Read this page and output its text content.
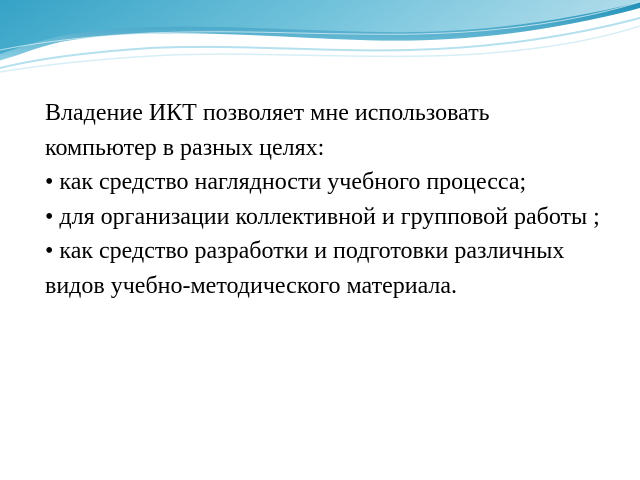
Владение ИКТ позволяет мне использовать компьютер в разных целях:

• как средство наглядности учебного процесса;

• для организации коллективной и групповой работы ;

• как средство разработки и подготовки различных видов учебно-методического материала.
